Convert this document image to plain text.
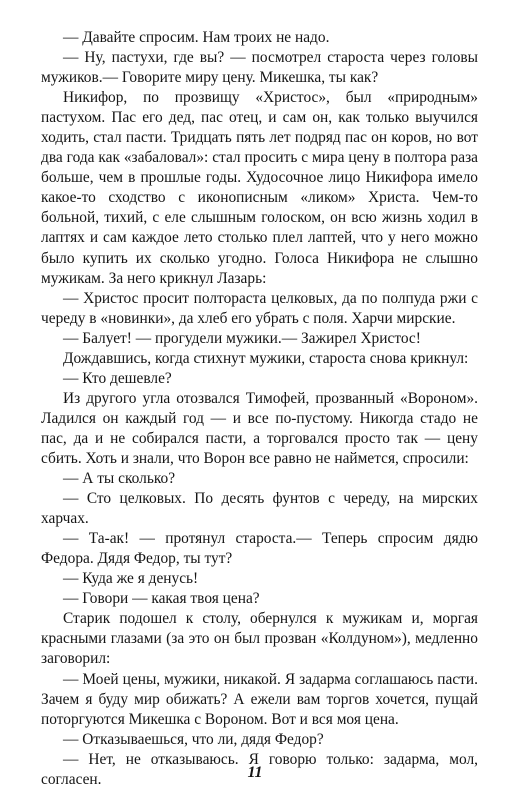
— Давайте спросим. Нам троих не надо.

— Ну, пастухи, где вы? — посмотрел староста через головы мужиков.— Говорите миру цену. Микешка, ты как?

Никифор, по прозвищу «Христос», был «природным» пастухом. Пас его дед, пас отец, и сам он, как только выучился ходить, стал пасти. Тридцать пять лет подряд пас он коров, но вот два года как «забаловал»: стал просить с мира цену в полтора раза больше, чем в прошлые годы. Худосочное лицо Никифора имело какое-то сходство с иконописным «ликом» Христа. Чем-то больной, тихий, с еле слышным голоском, он всю жизнь ходил в лаптях и сам каждое лето столько плел лаптей, что у него можно было купить их сколько угодно. Голоса Никифора не слышно мужикам. За него крикнул Лазарь:

— Христос просит полтораста целковых, да по полпуда ржи с череду в «новинки», да хлеб его убрать с поля. Харчи мирские.

— Балует! — прогудели мужики.— Зажирел Христос!

Дождавшись, когда стихнут мужики, староста снова крикнул:

— Кто дешевле?

Из другого угла отозвался Тимофей, прозванный «Вороном». Ладился он каждый год — и все по-пустому. Никогда стадо не пас, да и не собирался пасти, а торговался просто так — цену сбить. Хоть и знали, что Ворон все равно не наймется, спросили:

— А ты сколько?

— Сто целковых. По десять фунтов с череду, на мирских харчах.

— Та-ак! — протянул староста.— Теперь спросим дядю Федора. Дядя Федор, ты тут?

— Куда же я денусь!

— Говори — какая твоя цена?

Старик подошел к столу, обернулся к мужикам и, моргая красными глазами (за это он был прозван «Колдуном»), медленно заговорил:

— Моей цены, мужики, никакой. Я задарма соглашаюсь пасти. Зачем я буду мир обижать? А ежели вам торгов хочется, пущай поторгуются Микешка с Вороном. Вот и вся моя цена.

— Отказываешься, что ли, дядя Федор?

— Нет, не отказываюсь. Я говорю только: задарма, мол, согласен.	11
